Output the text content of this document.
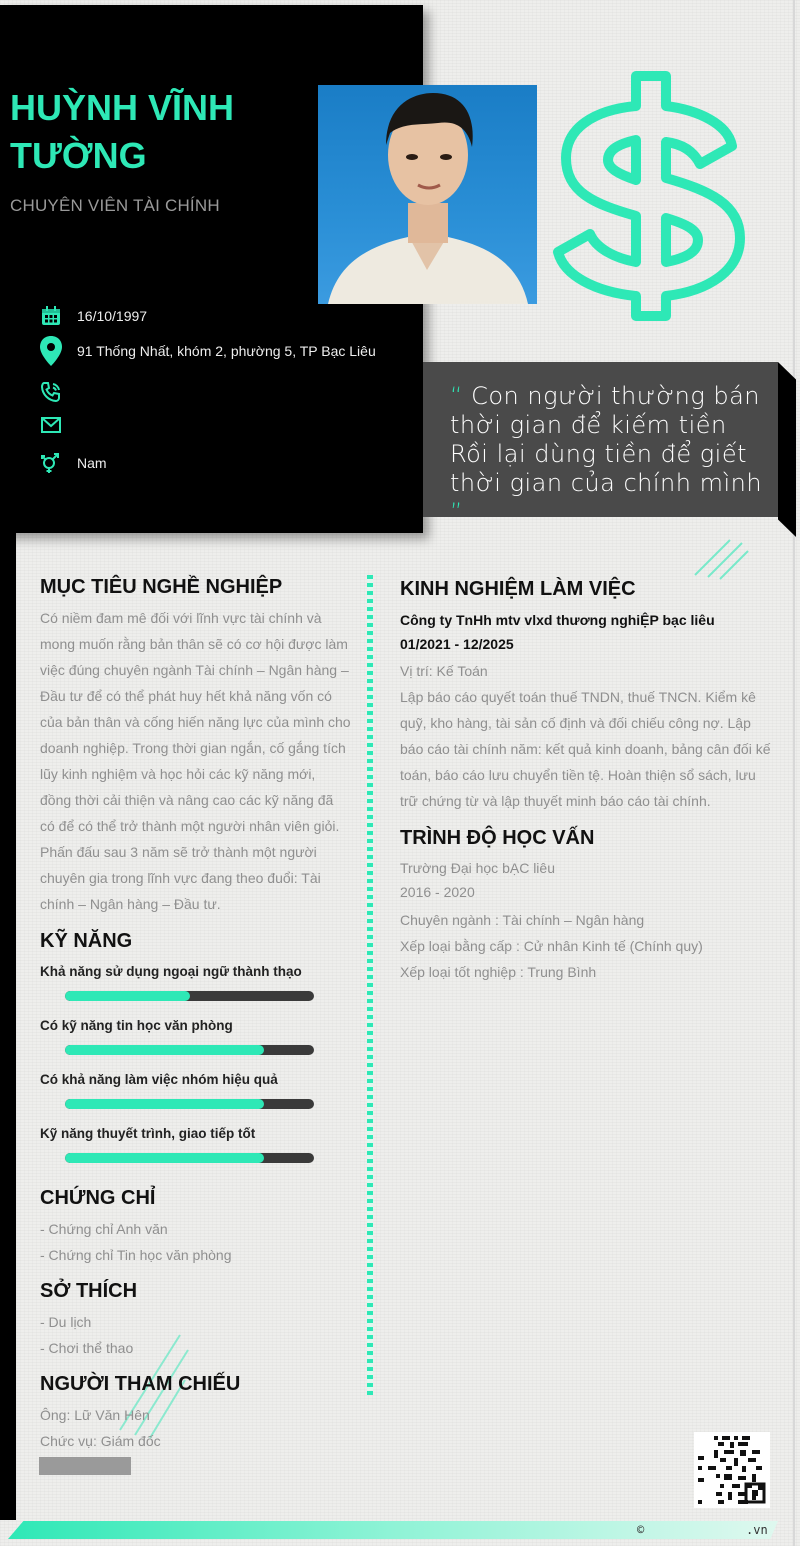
HUỲNH VĨNH
TƯỜNG
CHUYÊN VIÊN TÀI CHÍNH
16/10/1997
91 Thống Nhất, khóm 2, phường 5, TP Bạc Liêu
Nam
“ Con người thường bán
thời gian để kiếm tiền
Rồi lại dùng tiền để giết
thời gian của chính mình ”
MỤC TIÊU NGHỀ NGHIỆP
Có niềm đam mê đối với lĩnh vực tài chính và
mong muốn rằng bản thân sẽ có cơ hội được làm
việc đúng chuyên ngành Tài chính – Ngân hàng –
Đầu tư để có thể phát huy hết khả năng vốn có
của bản thân và cống hiến năng lực của mình cho
doanh nghiệp. Trong thời gian ngắn, cố gắng tích
lũy kinh nghiệm và học hỏi các kỹ năng mới,
đồng thời cải thiện và nâng cao các kỹ năng đã
có để có thể trở thành một người nhân viên giỏi.
Phấn đấu sau 3 năm sẽ trở thành một người
chuyên gia trong lĩnh vực đang theo đuổi: Tài
chính – Ngân hàng – Đầu tư.
KỸ NĂNG
Khả năng sử dụng ngoại ngữ thành thạo
Có kỹ năng tin học văn phòng
Có khả năng làm việc nhóm hiệu quả
Kỹ năng thuyết trình, giao tiếp tốt
CHỨNG CHỈ
- Chứng chỉ Anh văn
- Chứng chỉ Tin học văn phòng
SỞ THÍCH
- Du lịch
- Chơi thể thao
NGƯỜI THAM CHIẾU
Ông: Lữ Văn Hên
Chức vụ: Giám đốc
KINH NGHIỆM LÀM VIỆC
Công ty TnHh mtv vlxd thương nghiỆP bạc liêu
01/2021 - 12/2025
Vị trí: Kế Toán
Lập báo cáo quyết toán thuế TNDN, thuế TNCN. Kiểm kê
quỹ, kho hàng, tài sản cố định và đối chiếu công nợ. Lập
báo cáo tài chính năm: kết quả kinh doanh, bảng cân đối kế
toán, báo cáo lưu chuyển tiền tệ. Hoàn thiện sổ sách, lưu
trữ chứng từ và lập thuyết minh báo cáo tài chính.
TRÌNH ĐỘ HỌC VẤN
Trường Đại học bẠC liêu
2016 - 2020
Chuyên ngành : Tài chính – Ngân hàng
Xếp loại bằng cấp : Cử nhân Kinh tế (Chính quy)
Xếp loại tốt nghiệp : Trung Bình
©	.vn
